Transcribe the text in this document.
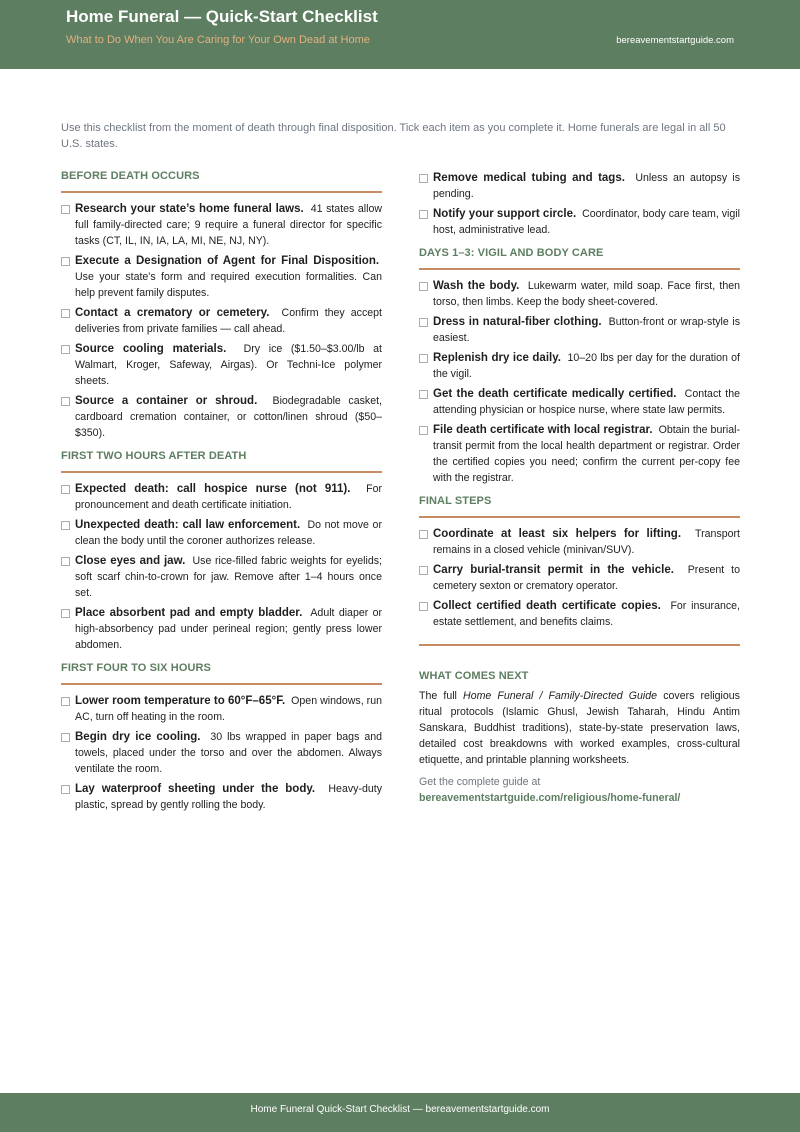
Home Funeral — Quick-Start Checklist
What to Do When You Are Caring for Your Own Dead at Home	bereavementstartguide.com
Use this checklist from the moment of death through final disposition. Tick each item as you complete it. Home funerals are legal in all 50 U.S. states.
BEFORE DEATH OCCURS
Research your state’s home funeral laws. 41 states allow full family-directed care; 9 require a funeral director for specific tasks (CT, IL, IN, IA, LA, MI, NE, NJ, NY).
Execute a Designation of Agent for Final Disposition.  Use your state's form and required execution formalities. Can help prevent family disputes.
Contact a crematory or cemetery. Confirm they accept deliveries from private families — call ahead.
Source cooling materials. Dry ice ($1.50–$3.00/lb at Walmart, Kroger, Safeway, Airgas). Or Techni-Ice polymer sheets.
Source a container or shroud. Biodegradable casket, cardboard cremation container, or cotton/linen shroud ($50–$350).
FIRST TWO HOURS AFTER DEATH
Expected death: call hospice nurse (not 911). For pronouncement and death certificate initiation.
Unexpected death: call law enforcement. Do not move or clean the body until the coroner authorizes release.
Close eyes and jaw. Use rice-filled fabric weights for eyelids; soft scarf chin-to-crown for jaw. Remove after 1–4 hours once set.
Place absorbent pad and empty bladder. Adult diaper or high-absorbency pad under perineal region; gently press lower abdomen.
FIRST FOUR TO SIX HOURS
Lower room temperature to 60°F–65°F. Open windows, run AC, turn off heating in the room.
Begin dry ice cooling. 30 lbs wrapped in paper bags and towels, placed under the torso and over the abdomen. Always ventilate the room.
Lay waterproof sheeting under the body. Heavy-duty plastic, spread by gently rolling the body.
Remove medical tubing and tags. Unless an autopsy is pending.
Notify your support circle. Coordinator, body care team, vigil host, administrative lead.
DAYS 1–3: VIGIL AND BODY CARE
Wash the body. Lukewarm water, mild soap. Face first, then torso, then limbs. Keep the body sheet-covered.
Dress in natural-fiber clothing. Button-front or wrap-style is easiest.
Replenish dry ice daily. 10–20 lbs per day for the duration of the vigil.
Get the death certificate medically certified. Contact the attending physician or hospice nurse, where state law permits.
File death certificate with local registrar. Obtain the burial-transit permit from the local health department or registrar. Order the certified copies you need; confirm the current per-copy fee with the registrar.
FINAL STEPS
Coordinate at least six helpers for lifting. Transport remains in a closed vehicle (minivan/SUV).
Carry burial-transit permit in the vehicle. Present to cemetery sexton or crematory operator.
Collect certified death certificate copies. For insurance, estate settlement, and benefits claims.
WHAT COMES NEXT
The full Home Funeral / Family-Directed Guide covers religious ritual protocols (Islamic Ghusl, Jewish Taharah, Hindu Antim Sanskara, Buddhist traditions), state-by-state preservation laws, detailed cost breakdowns with worked examples, cross-cultural etiquette, and printable planning worksheets.
Get the complete guide at
bereavementstartguide.com/religious/home-funeral/
Home Funeral Quick-Start Checklist — bereavementstartguide.com
